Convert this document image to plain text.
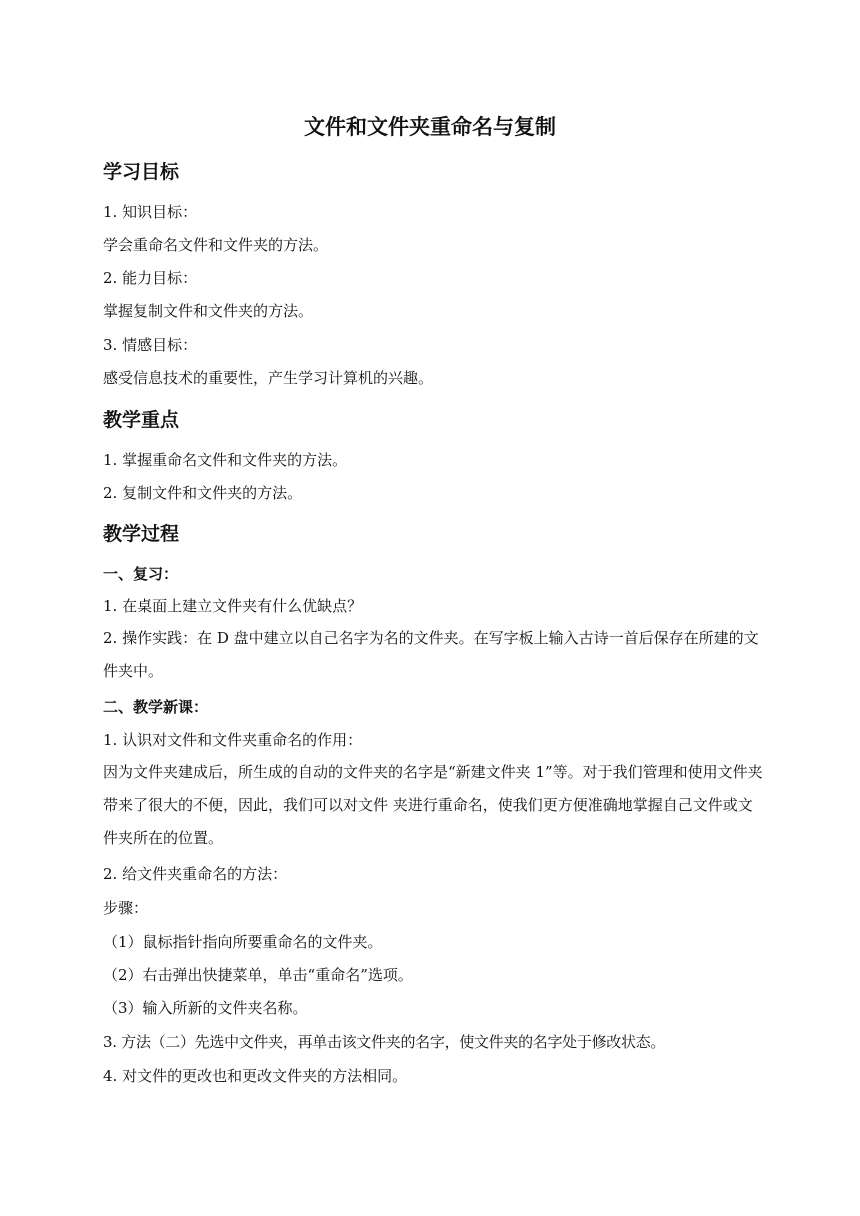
文件和文件夹重命名与复制
学习目标
1. 知识目标：
学会重命名文件和文件夹的方法。
2. 能力目标：
掌握复制文件和文件夹的方法。
3. 情感目标：
感受信息技术的重要性，产生学习计算机的兴趣。
教学重点
1. 掌握重命名文件和文件夹的方法。
2. 复制文件和文件夹的方法。
教学过程
一、复习：
1. 在桌面上建立文件夹有什么优缺点？
2. 操作实践：在 D 盘中建立以自己名字为名的文件夹。在写字板上输入古诗一首后保存在所建的文件夹中。
二、教学新课：
1. 认识对文件和文件夹重命名的作用：
因为文件夹建成后，所生成的自动的文件夹的名字是“新建文件夹 1”等。对于我们管理和使用文件夹带来了很大的不便，因此，我们可以对文件 夹进行重命名，使我们更方便准确地掌握自己文件或文件夹所在的位置。
2. 给文件夹重命名的方法：
步骤：
（1）鼠标指针指向所要重命名的文件夹。
（2）右击弹出快捷菜单，单击“重命名”选项。
（3）输入所新的文件夹名称。
3. 方法（二）先选中文件夹，再单击该文件夹的名字，使文件夹的名字处于修改状态。
4. 对文件的更改也和更改文件夹的方法相同。
